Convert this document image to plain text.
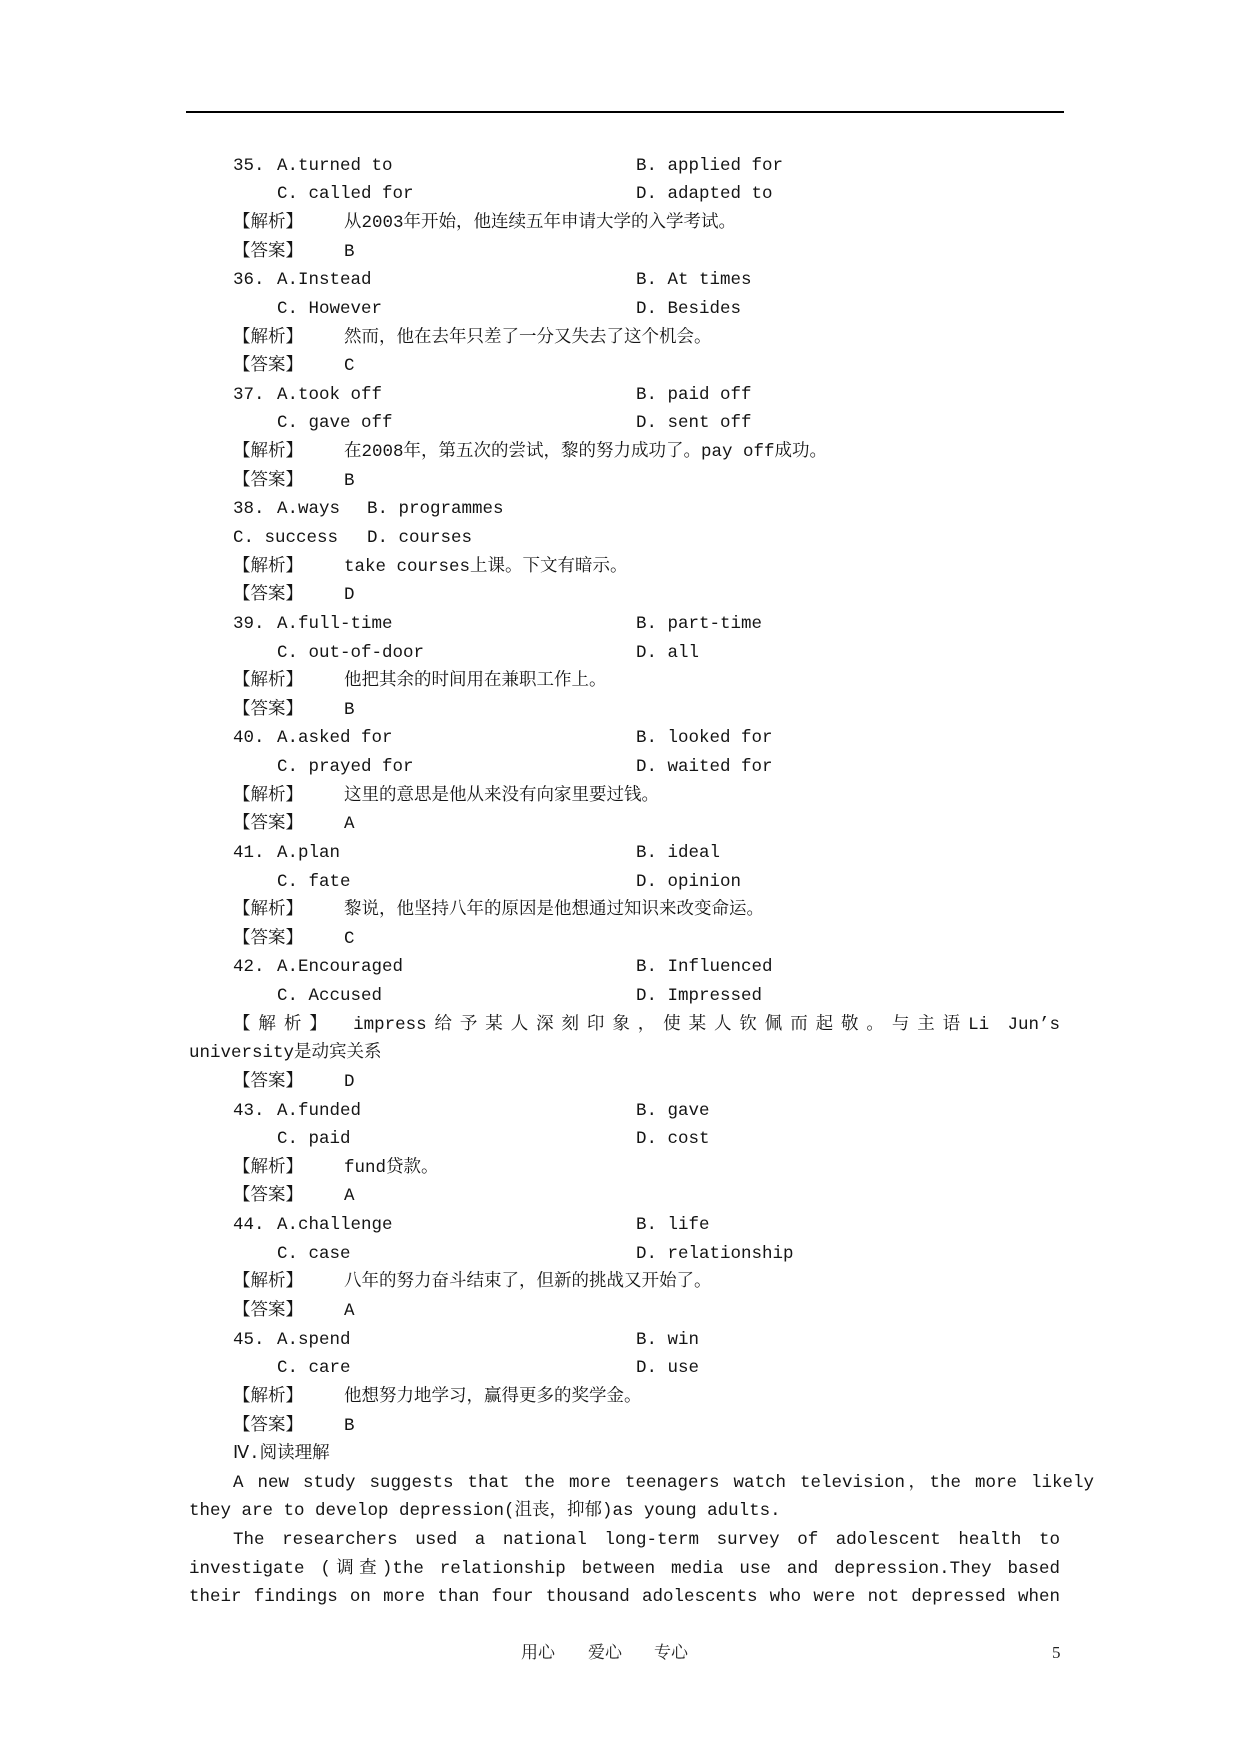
用心 爱心 专心	5
35. A.turned to	B. applied for
C. called for	D. adapted to
【解析】 从2003年开始，他连续五年申请大学的入学考试。
【答案】 B
36. A.Instead	B. At times
C. However	D. Besides
【解析】 然而，他在去年只差了一分又失去了这个机会。
【答案】 C
37. A.took off	B. paid off
C. gave off	D. sent off
【解析】 在2008年，第五次的尝试，黎的努力成功了。pay off成功。
【答案】 B
38. A.ways B. programmes
C. success D. courses
【解析】 take courses上课。下文有暗示。
【答案】 D
39. A.full-time	B. part-time
C. out-of-door	D. all
【解析】 他把其余的时间用在兼职工作上。
【答案】 B
40. A.asked for	B. looked for
C. prayed for	D. waited for
【解析】 这里的意思是他从来没有向家里要过钱。
【答案】 A
41. A.plan	B. ideal
C. fate	D. opinion
【解析】 黎说，他坚持八年的原因是他想通过知识来改变命运。
【答案】 C
42. A.Encouraged	B. Influenced
C. Accused	D. Impressed
【解析】 impress给予某人深刻印象，使某人钦佩而起敬。与主语Li Jun’s
university是动宾关系
【答案】 D
43. A.funded	B. gave
C. paid	D. cost
【解析】 fund贷款。
【答案】 A
44. A.challenge	B. life
C. case	D. relationship
【解析】 八年的努力奋斗结束了，但新的挑战又开始了。
【答案】 A
45. A.spend	B. win
C. care	D. use
【解析】 他想努力地学习，赢得更多的奖学金。
【答案】 B
Ⅳ.阅读理解
A new study suggests that the more teenagers watch television，the more likely
they are to develop depression(沮丧，抑郁)as young adults.
The researchers used a national long-term survey of adolescent health to
investigate (调查)the relationship between media use and depression.They based
their findings on more than four thousand adolescents who were not depressed when
